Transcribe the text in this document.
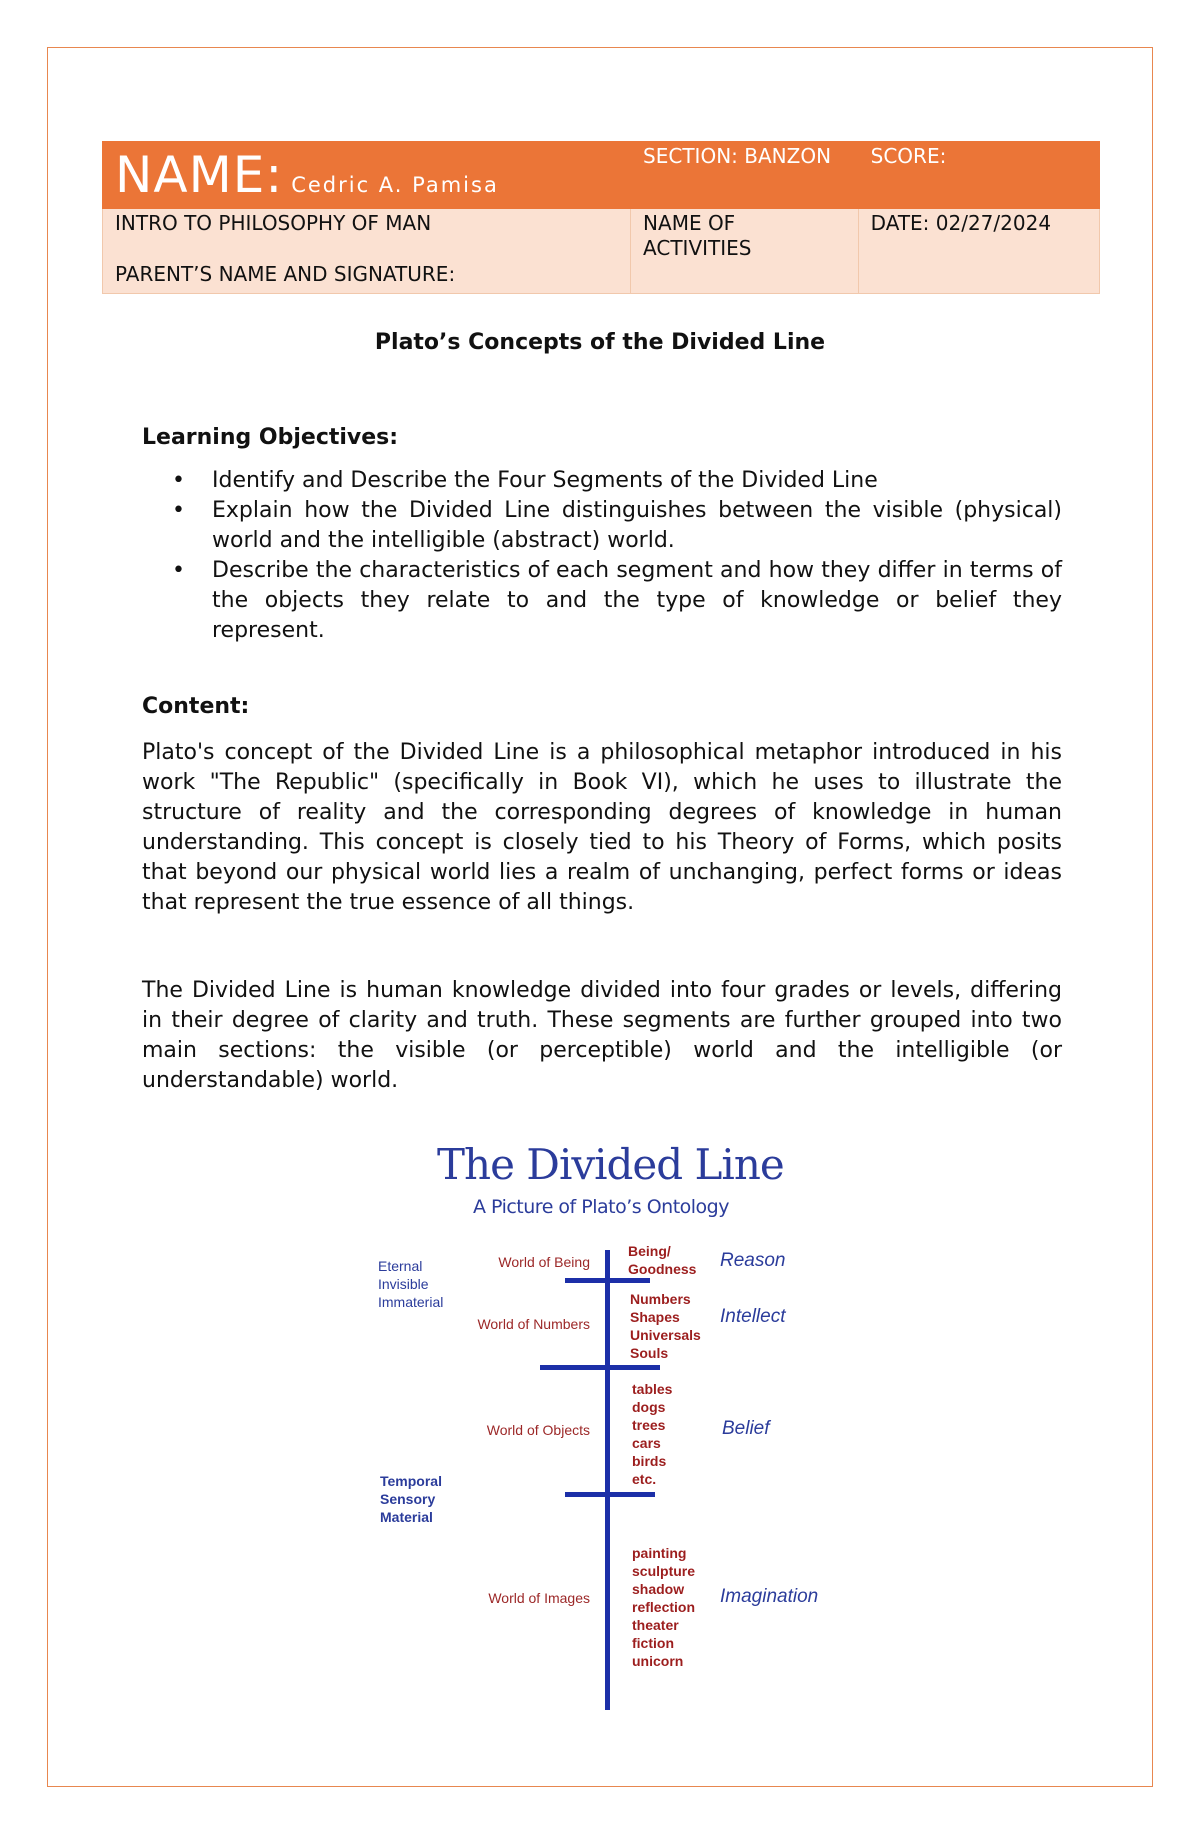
NAME: Cedric A. Pamisa	SECTION: BANZON	SCORE:

INTRO TO PHILOSOPHY OF MAN
PARENT’S NAME AND SIGNATURE:	NAME OF ACTIVITIES	DATE: 02/27/2024
Plato’s Concepts of the Divided Line
Learning Objectives:
• Identify and Describe the Four Segments of the Divided Line
• Explain how the Divided Line distinguishes between the visible (physical) world and the intelligible (abstract) world.
• Describe the characteristics of each segment and how they differ in terms of the objects they relate to and the type of knowledge or belief they represent.
Content:

Plato's concept of the Divided Line is a philosophical metaphor introduced in his work "The Republic" (specifically in Book VI), which he uses to illustrate the structure of reality and the corresponding degrees of knowledge in human understanding. This concept is closely tied to his Theory of Forms, which posits that beyond our physical world lies a realm of unchanging, perfect forms or ideas that represent the true essence of all things.

The Divided Line is human knowledge divided into four grades or levels, differing in their degree of clarity and truth. These segments are further grouped into two main sections: the visible (or perceptible) world and the intelligible (or understandable) world.

The Divided Line
A Picture of Plato’s Ontology
Eternal
Invisible
Immaterial
Temporal
Sensory
Material
World of Being
World of Numbers
World of Objects
World of Images
Being/
Goodness
Numbers
Shapes
Universals
Souls
tables
dogs
trees
cars
birds
etc.
painting
sculpture
shadow
reflection
theater
fiction
unicorn
Reason
Intellect
Belief
Imagination
